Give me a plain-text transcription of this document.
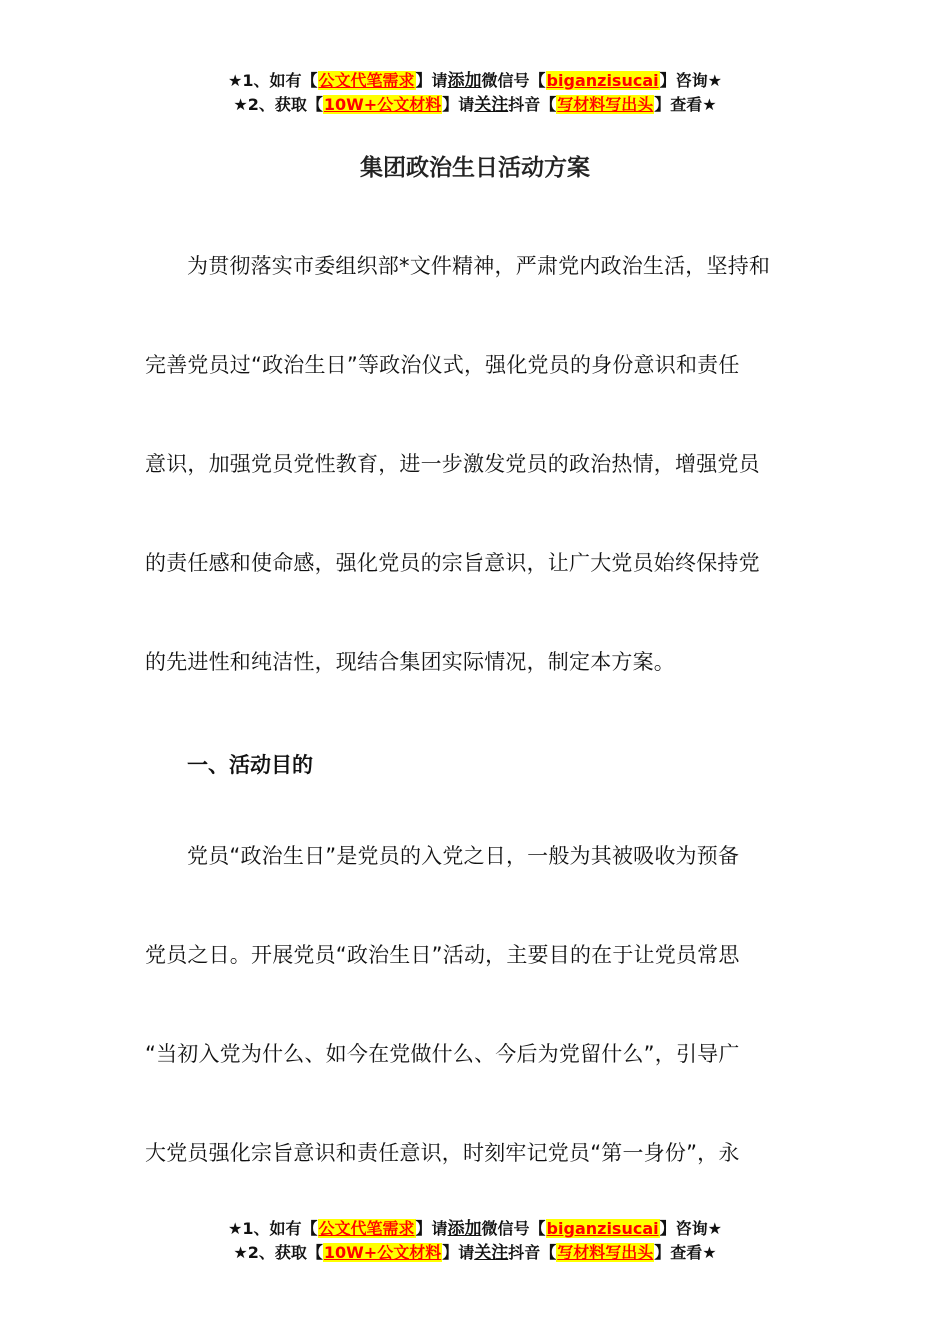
★1、如有【公文代笔需求】请添加微信号【biganzisucai】咨询★
★2、获取【10W+公文材料】请关注抖音【写材料写出头】查看★
集团政治生日活动方案

为贯彻落实市委组织部*文件精神，严肃党内政治生活，坚持和
完善党员过“政治生日”等政治仪式，强化党员的身份意识和责任
意识，加强党员党性教育，进一步激发党员的政治热情，增强党员
的责任感和使命感，强化党员的宗旨意识，让广大党员始终保持党
的先进性和纯洁性，现结合集团实际情况，制定本方案。

一、活动目的

党员“政治生日”是党员的入党之日，一般为其被吸收为预备
党员之日。开展党员“政治生日”活动，主要目的在于让党员常思
“当初入党为什么、如今在党做什么、今后为党留什么”，引导广
大党员强化宗旨意识和责任意识，时刻牢记党员“第一身份”，永

★1、如有【公文代笔需求】请添加微信号【biganzisucai】咨询★
★2、获取【10W+公文材料】请关注抖音【写材料写出头】查看★
